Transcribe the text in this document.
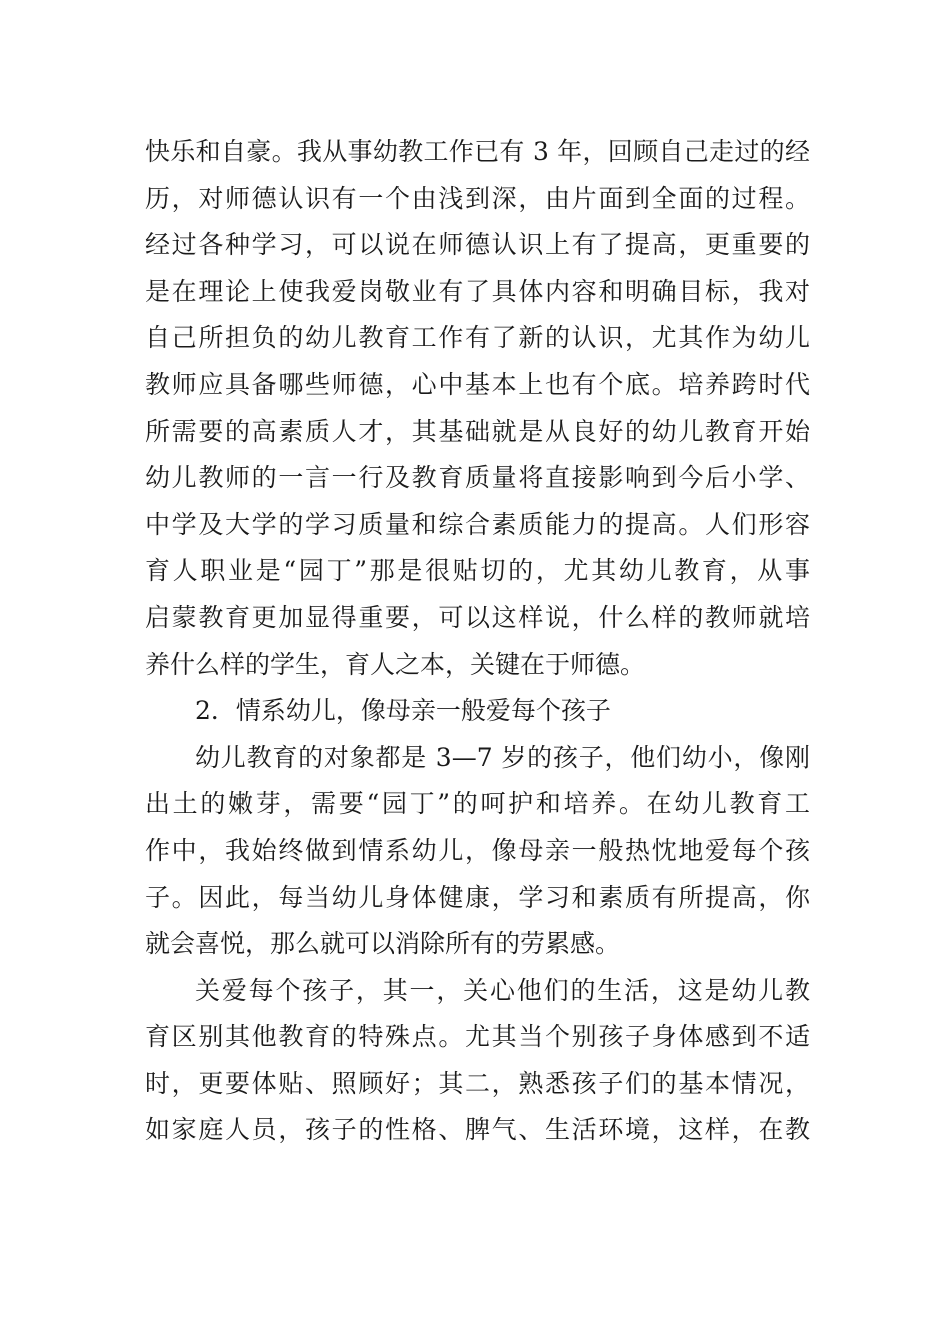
快乐和自豪。我从事幼教工作已有 3 年，回顾自己走过的经
历，对师德认识有一个由浅到深，由片面到全面的过程。
经过各种学习，可以说在师德认识上有了提高，更重要的
是在理论上使我爱岗敬业有了具体内容和明确目标，我对
自己所担负的幼儿教育工作有了新的认识，尤其作为幼儿
教师应具备哪些师德，心中基本上也有个底。培养跨时代
所需要的高素质人才，其基础就是从良好的幼儿教育开始
幼儿教师的一言一行及教育质量将直接影响到今后小学、
中学及大学的学习质量和综合素质能力的提高。人们形容
育人职业是“园丁”那是很贴切的，尤其幼儿教育，从事
启蒙教育更加显得重要，可以这样说，什么样的教师就培
养什么样的学生，育人之本，关键在于师德。
2．情系幼儿，像母亲一般爱每个孩子
幼儿教育的对象都是 3—7 岁的孩子，他们幼小，像刚
出土的嫩芽，需要“园丁”的呵护和培养。在幼儿教育工
作中，我始终做到情系幼儿，像母亲一般热忱地爱每个孩
子。因此，每当幼儿身体健康，学习和素质有所提高，你
就会喜悦，那么就可以消除所有的劳累感。
关爱每个孩子，其一，关心他们的生活，这是幼儿教
育区别其他教育的特殊点。尤其当个别孩子身体感到不适
时，更要体贴、照顾好；其二，熟悉孩子们的基本情况，
如家庭人员，孩子的性格、脾气、生活环境，这样，在教
